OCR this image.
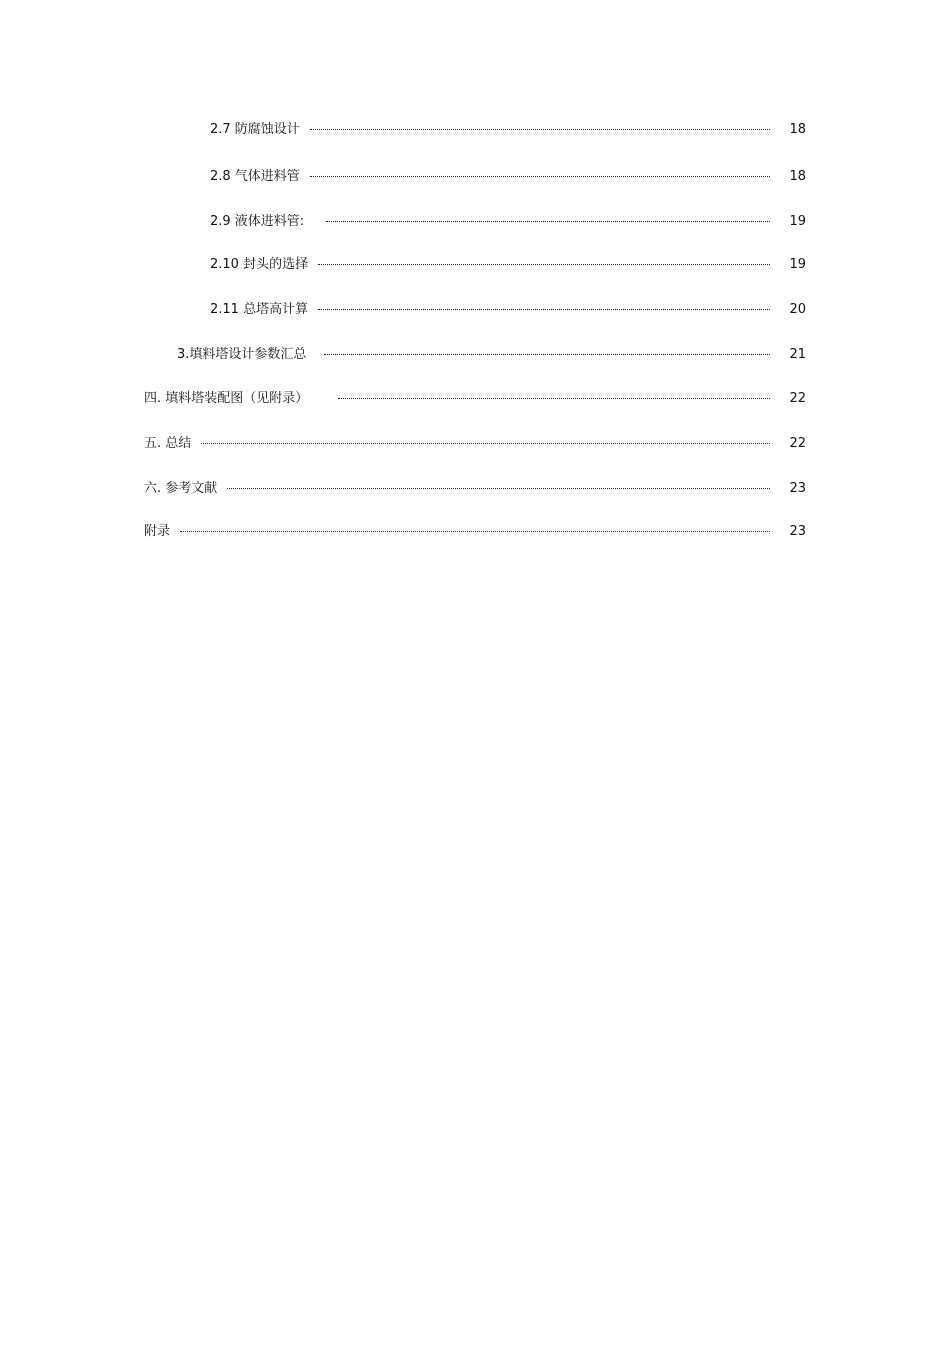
2.7 防腐蚀设计	18
2.8 气体进料管	18
2.9 液体进料管:	19
2.10 封头的选择	19
2.11 总塔高计算	20
3.填料塔设计参数汇总	21
四. 填料塔装配图（见附录）	22
五. 总结	22
六. 参考文献	23
附录	23
